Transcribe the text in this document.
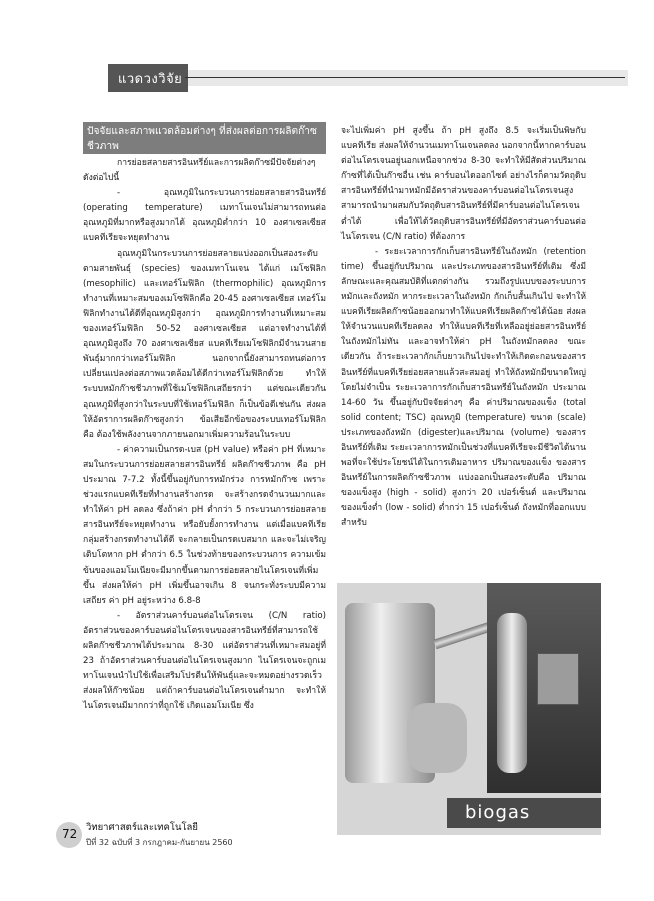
แวดวงวิจัย
ปัจจัยและสภาพแวดล้อมต่างๆ ที่ส่งผลต่อการผลิตก๊าซชีวภาพ

การย่อยสลายสารอินทรีย์และการผลิตก๊าซมีปัจจัยต่างๆ ดังต่อไปนี้

- อุณหภูมิในกระบวนการย่อยสลายสารอินทรีย์ (operating temperature) เมทาโนเจนไม่สามารถทนต่ออุณหภูมิที่มากหรือสูงมากได้ อุณหภูมิต่ำกว่า 10 องศาเซลเซียส แบคทีเรียจะหยุดทำงาน

อุณหภูมิในกระบวนการย่อยสลายแบ่งออกเป็นสองระดับ ตามสายพันธุ์ (species) ของเมทาโนเจน ได้แก่ เมโซฟิลิก (mesophilic) และเทอร์โมฟิลิก (thermophilic) อุณหภูมิการทำงานที่เหมาะสมของเมโซฟิลิกคือ 20-45 องศาเซลเซียส เทอร์โมฟิลิกทำงานได้ดีที่อุณหภูมิสูงกว่า อุณหภูมิการทำงานที่เหมาะสมของเทอร์โมฟิลิก 50-52 องศาเซลเซียส แต่อาจทำงานได้ที่อุณหภูมิสูงถึง 70 องศาเซลเซียส แบคทีเรียเมโซฟิลิกมีจำนวนสายพันธุ์มากกว่าเทอร์โมฟิลิก นอกจากนี้ยังสามารถทนต่อการเปลี่ยนแปลงต่อสภาพแวดล้อมได้ดีกว่าเทอร์โมฟิลิกด้วย ทำให้ระบบหมักก๊าซชีวภาพที่ใช้เมโซฟิลิกเสถียรกว่า แต่ขณะเดียวกันอุณหภูมิที่สูงกว่าในระบบที่ใช้เทอร์โมฟิลิก ก็เป็นข้อดีเช่นกัน ส่งผลให้อัตราการผลิตก๊าซสูงกว่า ข้อเสียอีกข้อของระบบเทอร์โมฟิลิก คือ ต้องใช้พลังงานจากภายนอกมาเพิ่มความร้อนในระบบ

- ค่าความเป็นกรด-เบส (pH value) หรือค่า pH ที่เหมาะสมในกระบวนการย่อยสลายสารอินทรีย์ ผลิตก๊าซชีวภาพ คือ pH ประมาณ 7-7.2 ทั้งนี้ขึ้นอยู่กับการหมักร่วง การหมักก๊าซ เพราะช่วงแรกแบคทีเรียที่ทำงานสร้างกรด จะสร้างกรดจำนวนมากและทำให้ค่า pH ลดลง ซึ่งถ้าค่า pH ต่ำกว่า 5 กระบวนการย่อยสลายสารอินทรีย์จะหยุดทำงาน หรือยับยั้งการทำงาน แต่เมื่อแบคทีเรียกลุ่มสร้างกรดทำงานได้ดี จะกลายเป็นกรดเบสมาก และจะไม่เจริญเติบโตหาก pH ต่ำกว่า 6.5 ในช่วงท้ายของกระบวนการ ความเข้มข้นของแอมโมเนียจะมีมากขึ้นตามการย่อยสลายไนโตรเจนที่เพิ่มขึ้น ส่งผลให้ค่า pH เพิ่มขึ้นอาจเกิน 8 จนกระทั่งระบบมีความเสถียร ค่า pH อยู่ระหว่าง 6.8-8

- อัตราส่วนคาร์บอนต่อไนโตรเจน (C/N ratio) อัตราส่วนของคาร์บอนต่อไนโตรเจนของสารอินทรีย์ที่สามารถใช้ผลิตก๊าซชีวภาพได้ประมาณ 8-30 แต่อัตราส่วนที่เหมาะสมอยู่ที่ 23 ถ้าอัตราส่วนคาร์บอนต่อไนโตรเจนสูงมาก ไนโตรเจนจะถูกเมทาโนเจนนำไปใช้เพื่อเสริมโปรตีนให้พันธุ์และจะหมดอย่างรวดเร็ว ส่งผลให้ก๊าซน้อย แต่ถ้าคาร์บอนต่อไนโตรเจนต่ำมาก จะทำให้ไนโตรเจนมีมากกว่าที่ถูกใช้ เกิดแอมโมเนีย ซึ่ง

จะไปเพิ่มค่า pH สูงขึ้น ถ้า pH สูงถึง 8.5 จะเริ่มเป็นพิษกับแบคทีเรีย ส่งผลให้จำนวนเมทาโนเจนลดลง นอกจากนี้หากคาร์บอนต่อไนโตรเจนอยู่นอกเหนือจากช่วง 8-30 จะทำให้มีสัดส่วนปริมาณก๊าซที่ได้เป็นก๊าซอื่น เช่น คาร์บอนไดออกไซด์ อย่างไรก็ตามวัตถุดิบสารอินทรีย์ที่นำมาหมักมีอัตราส่วนของคาร์บอนต่อไนโตรเจนสูงสามารถนำมาผสมกับวัตถุดิบสารอินทรีย์ที่มีคาร์บอนต่อไนโตรเจนต่ำได้ เพื่อให้ได้วัตถุดิบสารอินทรีย์ที่มีอัตราส่วนคาร์บอนต่อไนโตรเจน (C/N ratio) ที่ต้องการ

- ระยะเวลาการกักเก็บสารอินทรีย์ในถังหมัก (retention time) ขึ้นอยู่กับปริมาณ และประเภทของสารอินทรีย์ที่เติม ซึ่งมีลักษณะและคุณสมบัติที่แตกต่างกัน รวมถึงรูปแบบของระบบการหมักและถังหมัก หากระยะเวลาในถังหมัก กักเก็บสั้นเกินไป จะทำให้แบคทีเรียผลิตก๊าซน้อยออกมาทำให้แบคทีเรียผลิตก๊าซได้น้อย ส่งผลให้จำนวนแบคทีเรียลดลง ทำให้แบคทีเรียที่เหลืออยู่ย่อยสารอินทรีย์ในถังหมักไม่ทัน และอาจทำให้ค่า pH ในถังหมักลดลง ขณะเดียวกัน ถ้าระยะเวลากักเก็บยาวเกินไปจะทำให้เกิดตะกอนของสารอินทรีย์ที่แบคทีเรียย่อยสลายแล้วสะสมอยู่ ทำให้ถังหมักมีขนาดใหญ่โดยไม่จำเป็น ระยะเวลาการกักเก็บสารอินทรีย์ในถังหมัก ประมาณ 14-60 วัน ขึ้นอยู่กับปัจจัยต่างๆ คือ ค่าปริมาณของแข็ง (total solid content; TSC) อุณหภูมิ (temperature) ขนาด (scale) ประเภทของถังหมัก (digester)และปริมาณ (volume) ของสารอินทรีย์ที่เติม ระยะเวลาการหมักเป็นช่วงที่แบคทีเรียจะมีชีวิตได้นานพอที่จะใช้ประโยชน์ได้ในการเติมอาหาร ปริมาณของแข็ง ของสารอินทรีย์ในการผลิตก๊าซชีวภาพ แบ่งออกเป็นสองระดับคือ ปริมาณของแข็งสูง (high - solid) สูงกว่า 20 เปอร์เซ็นต์ และปริมาณของแข็งต่ำ (low - solid) ต่ำกว่า 15 เปอร์เซ็นต์ ถังหมักที่ออกแบบสำหรับ

biogas
72 วิทยาศาสตร์และเทคโนโลยี
ปีที่ 32 ฉบับที่ 3 กรกฎาคม-กันยายน 2560
